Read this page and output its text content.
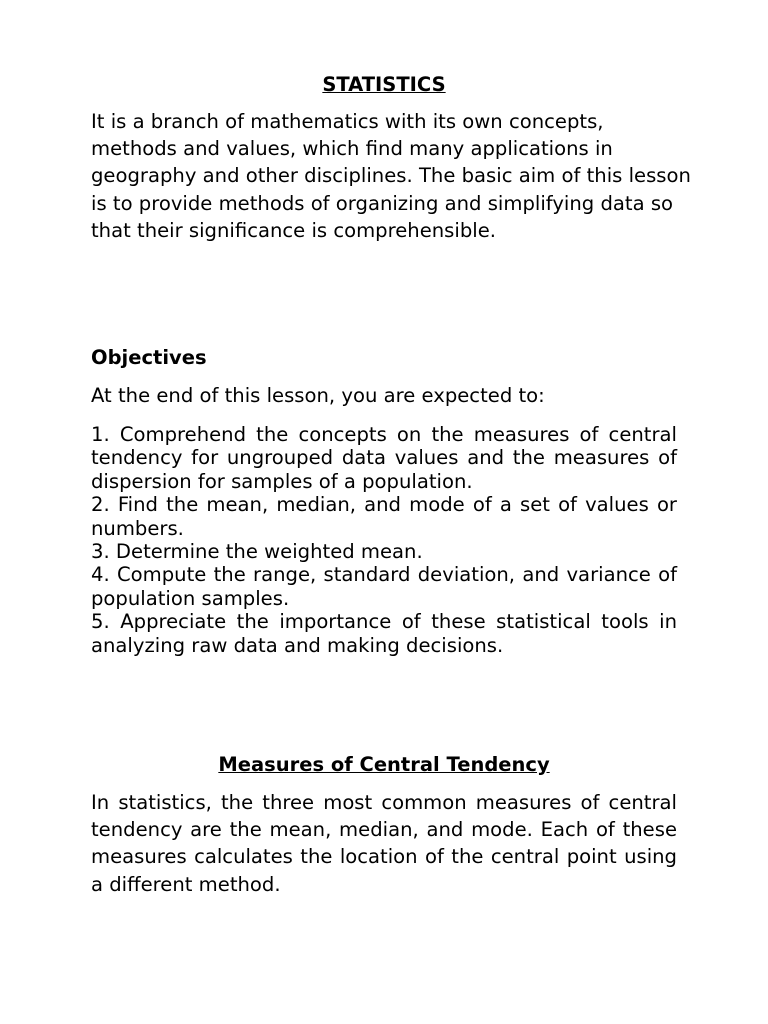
STATISTICS

It is a branch of mathematics with its own concepts, methods and values, which find many applications in geography and other disciplines. The basic aim of this lesson is to provide methods of organizing and simplifying data so that their significance is comprehensible.

Objectives

At the end of this lesson, you are expected to:

1. Comprehend the concepts on the measures of central tendency for ungrouped data values and the measures of dispersion for samples of a population.
2. Find the mean, median, and mode of a set of values or numbers.
3. Determine the weighted mean.
4. Compute the range, standard deviation, and variance of population samples.
5. Appreciate the importance of these statistical tools in analyzing raw data and making decisions.
Measures of Central Tendency

In statistics, the three most common measures of central tendency are the mean, median, and mode. Each of these measures calculates the location of the central point using a different method.
